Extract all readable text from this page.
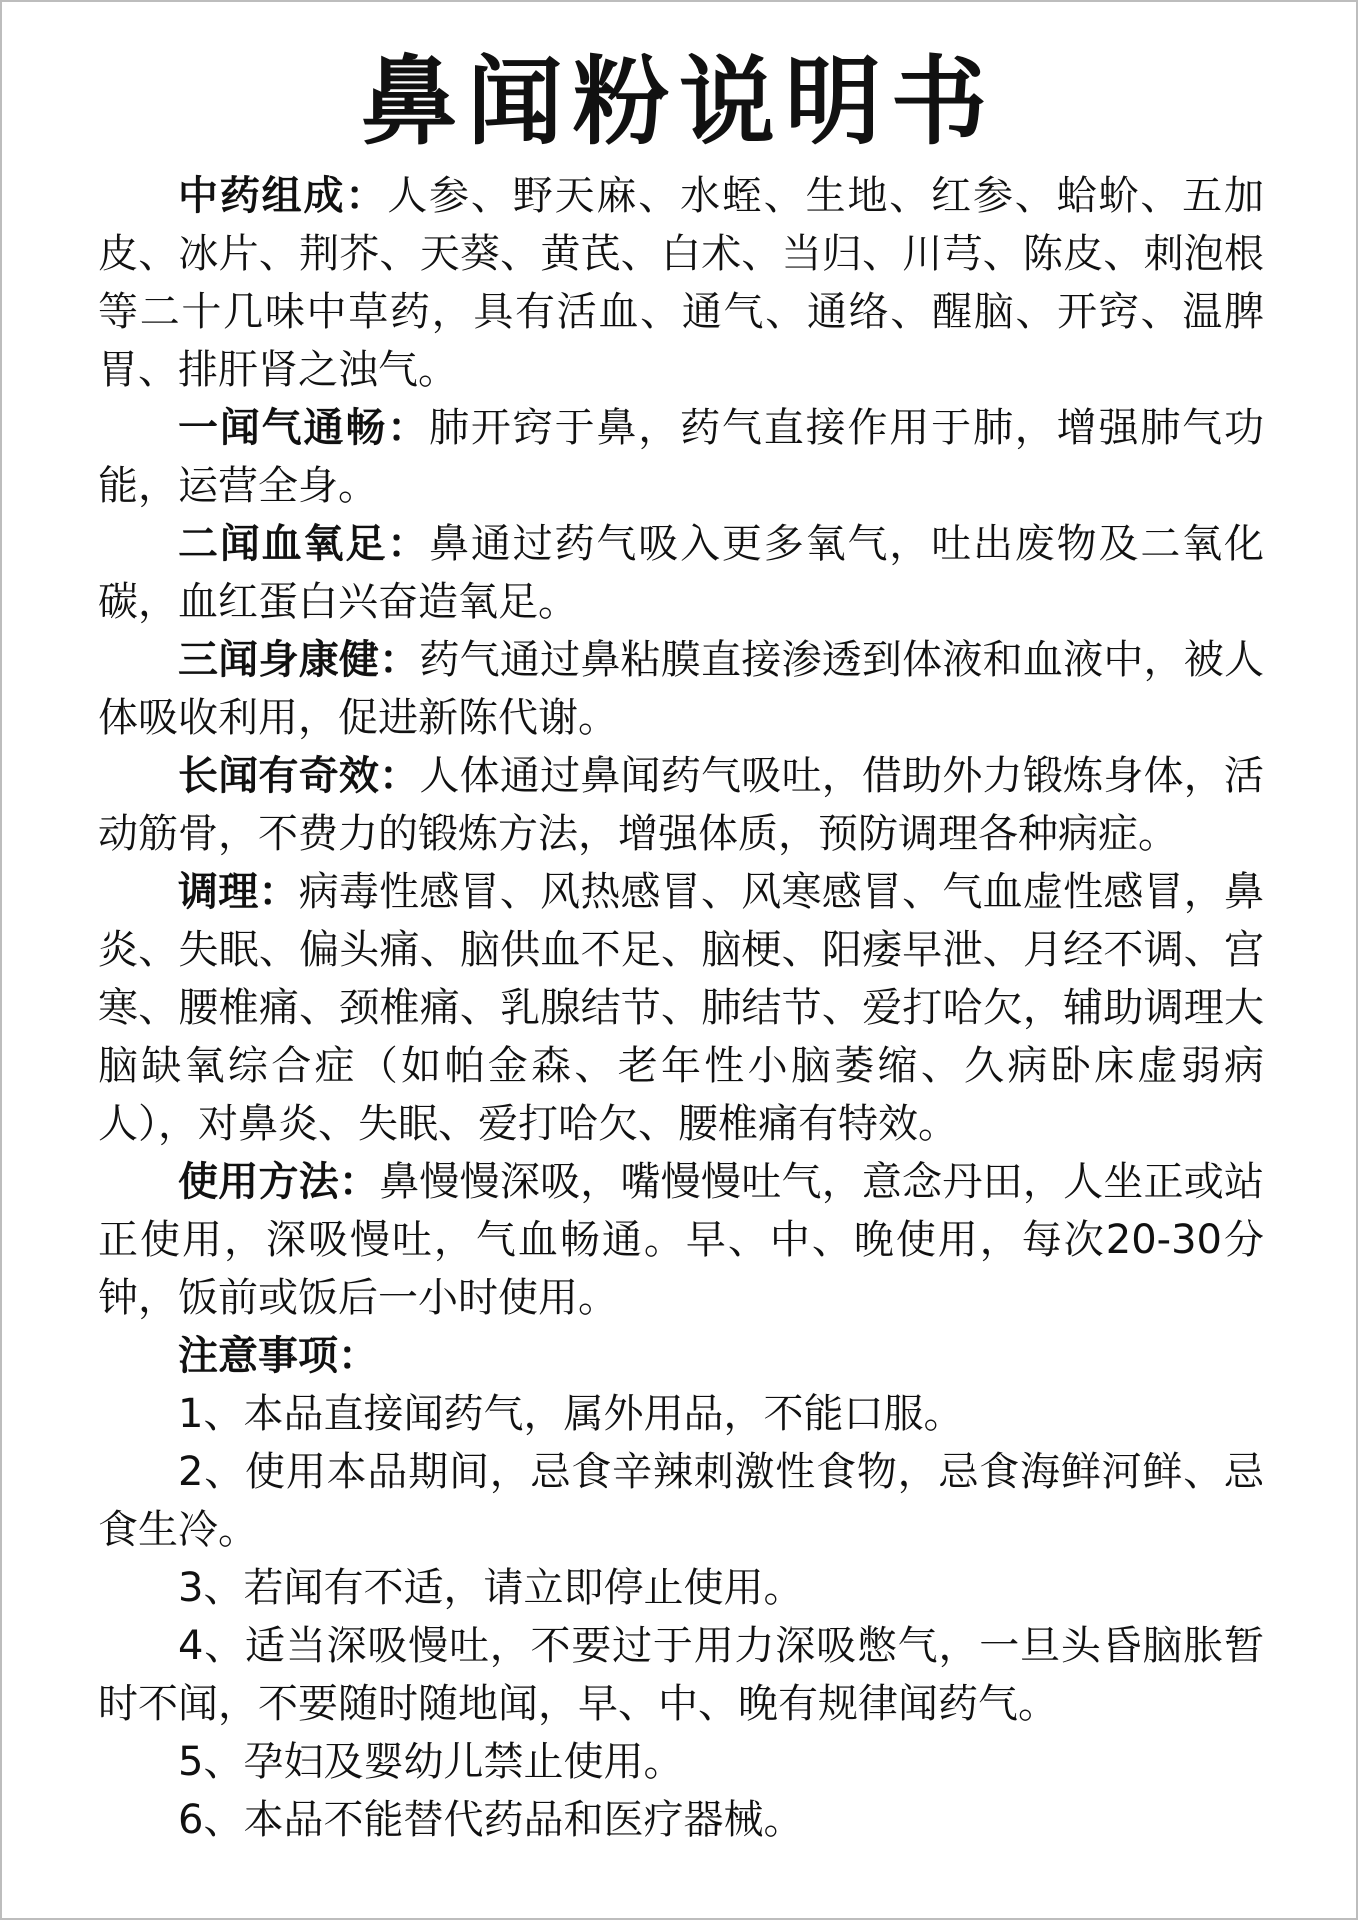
鼻闻粉说明书

中药组成：人参、野天麻、水蛭、生地、红参、蛤蚧、五加皮、冰片、荆芥、天葵、黄芪、白术、当归、川芎、陈皮、刺泡根等二十几味中草药，具有活血、通气、通络、醒脑、开窍、温脾胃、排肝肾之浊气。

一闻气通畅：肺开窍于鼻，药气直接作用于肺，增强肺气功能，运营全身。

二闻血氧足：鼻通过药气吸入更多氧气，吐出废物及二氧化碳，血红蛋白兴奋造氧足。

三闻身康健：药气通过鼻粘膜直接渗透到体液和血液中，被人体吸收利用，促进新陈代谢。

长闻有奇效：人体通过鼻闻药气吸吐，借助外力锻炼身体，活动筋骨，不费力的锻炼方法，增强体质，预防调理各种病症。

调理：病毒性感冒、风热感冒、风寒感冒、气血虚性感冒，鼻炎、失眠、偏头痛、脑供血不足、脑梗、阳痿早泄、月经不调、宫寒、腰椎痛、颈椎痛、乳腺结节、肺结节、爱打哈欠，辅助调理大脑缺氧综合症（如帕金森、老年性小脑萎缩、久病卧床虚弱病人），对鼻炎、失眠、爱打哈欠、腰椎痛有特效。

使用方法：鼻慢慢深吸，嘴慢慢吐气，意念丹田，人坐正或站正使用，深吸慢吐，气血畅通。早、中、晚使用，每次20-30分钟，饭前或饭后一小时使用。

注意事项：

1、本品直接闻药气，属外用品，不能口服。

2、使用本品期间，忌食辛辣刺激性食物，忌食海鲜河鲜、忌食生冷。

3、若闻有不适，请立即停止使用。

4、适当深吸慢吐，不要过于用力深吸憋气，一旦头昏脑胀暂时不闻，不要随时随地闻，早、中、晚有规律闻药气。

5、孕妇及婴幼儿禁止使用。

6、本品不能替代药品和医疗器械。
